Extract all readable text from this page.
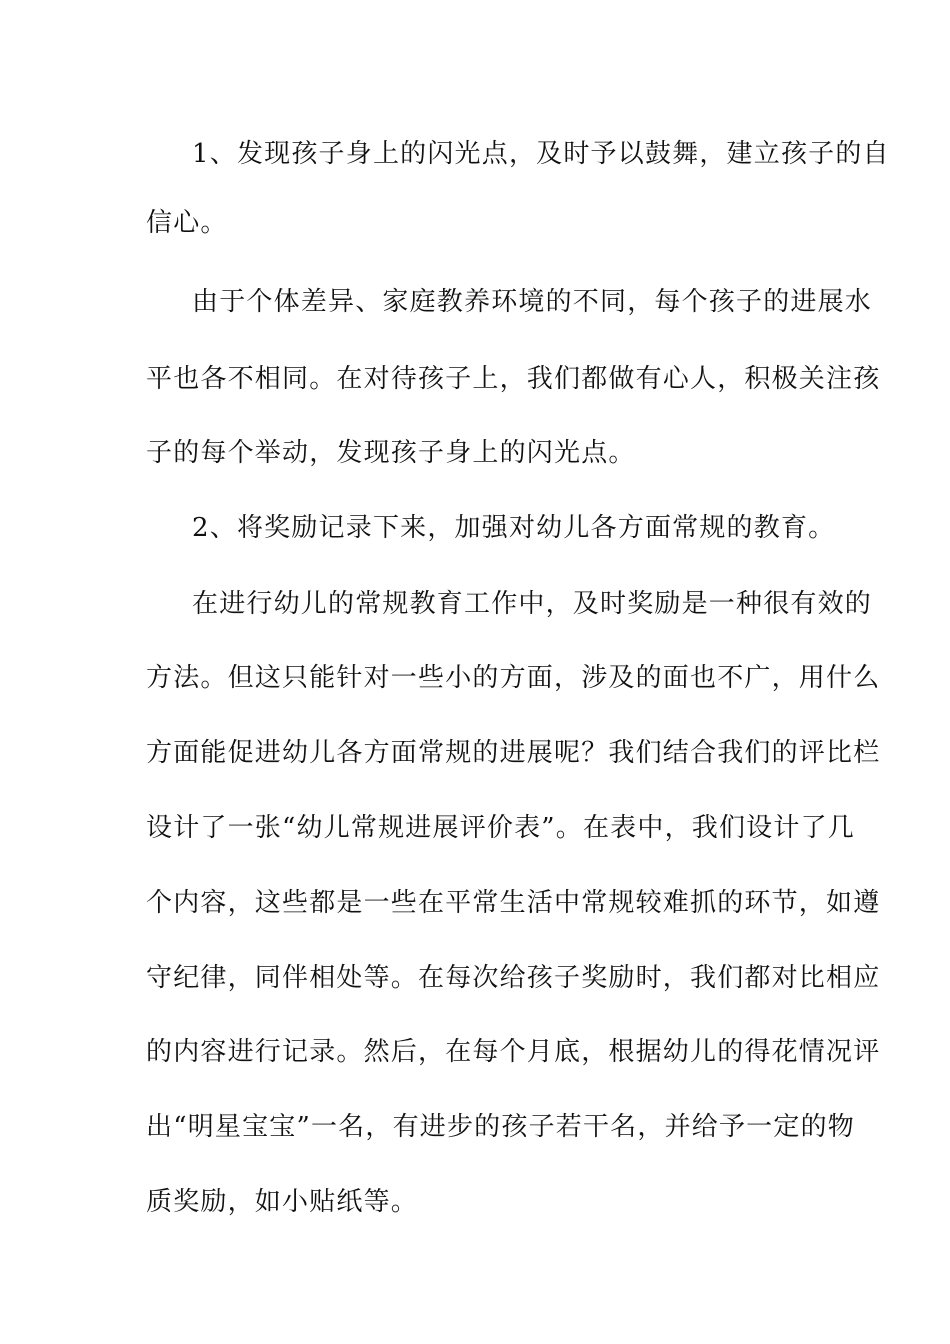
1、发现孩子身上的闪光点，及时予以鼓舞，建立孩子的自
信心。
由于个体差异、家庭教养环境的不同，每个孩子的进展水
平也各不相同。在对待孩子上，我们都做有心人，积极关注孩
子的每个举动，发现孩子身上的闪光点。
2、将奖励记录下来，加强对幼儿各方面常规的教育。
在进行幼儿的常规教育工作中，及时奖励是一种很有效的
方法。但这只能针对一些小的方面，涉及的面也不广，用什么
方面能促进幼儿各方面常规的进展呢？我们结合我们的评比栏
设计了一张“幼儿常规进展评价表”。在表中，我们设计了几
个内容，这些都是一些在平常生活中常规较难抓的环节，如遵
守纪律，同伴相处等。在每次给孩子奖励时，我们都对比相应
的内容进行记录。然后，在每个月底，根据幼儿的得花情况评
出“明星宝宝”一名，有进步的孩子若干名，并给予一定的物
质奖励，如小贴纸等。
